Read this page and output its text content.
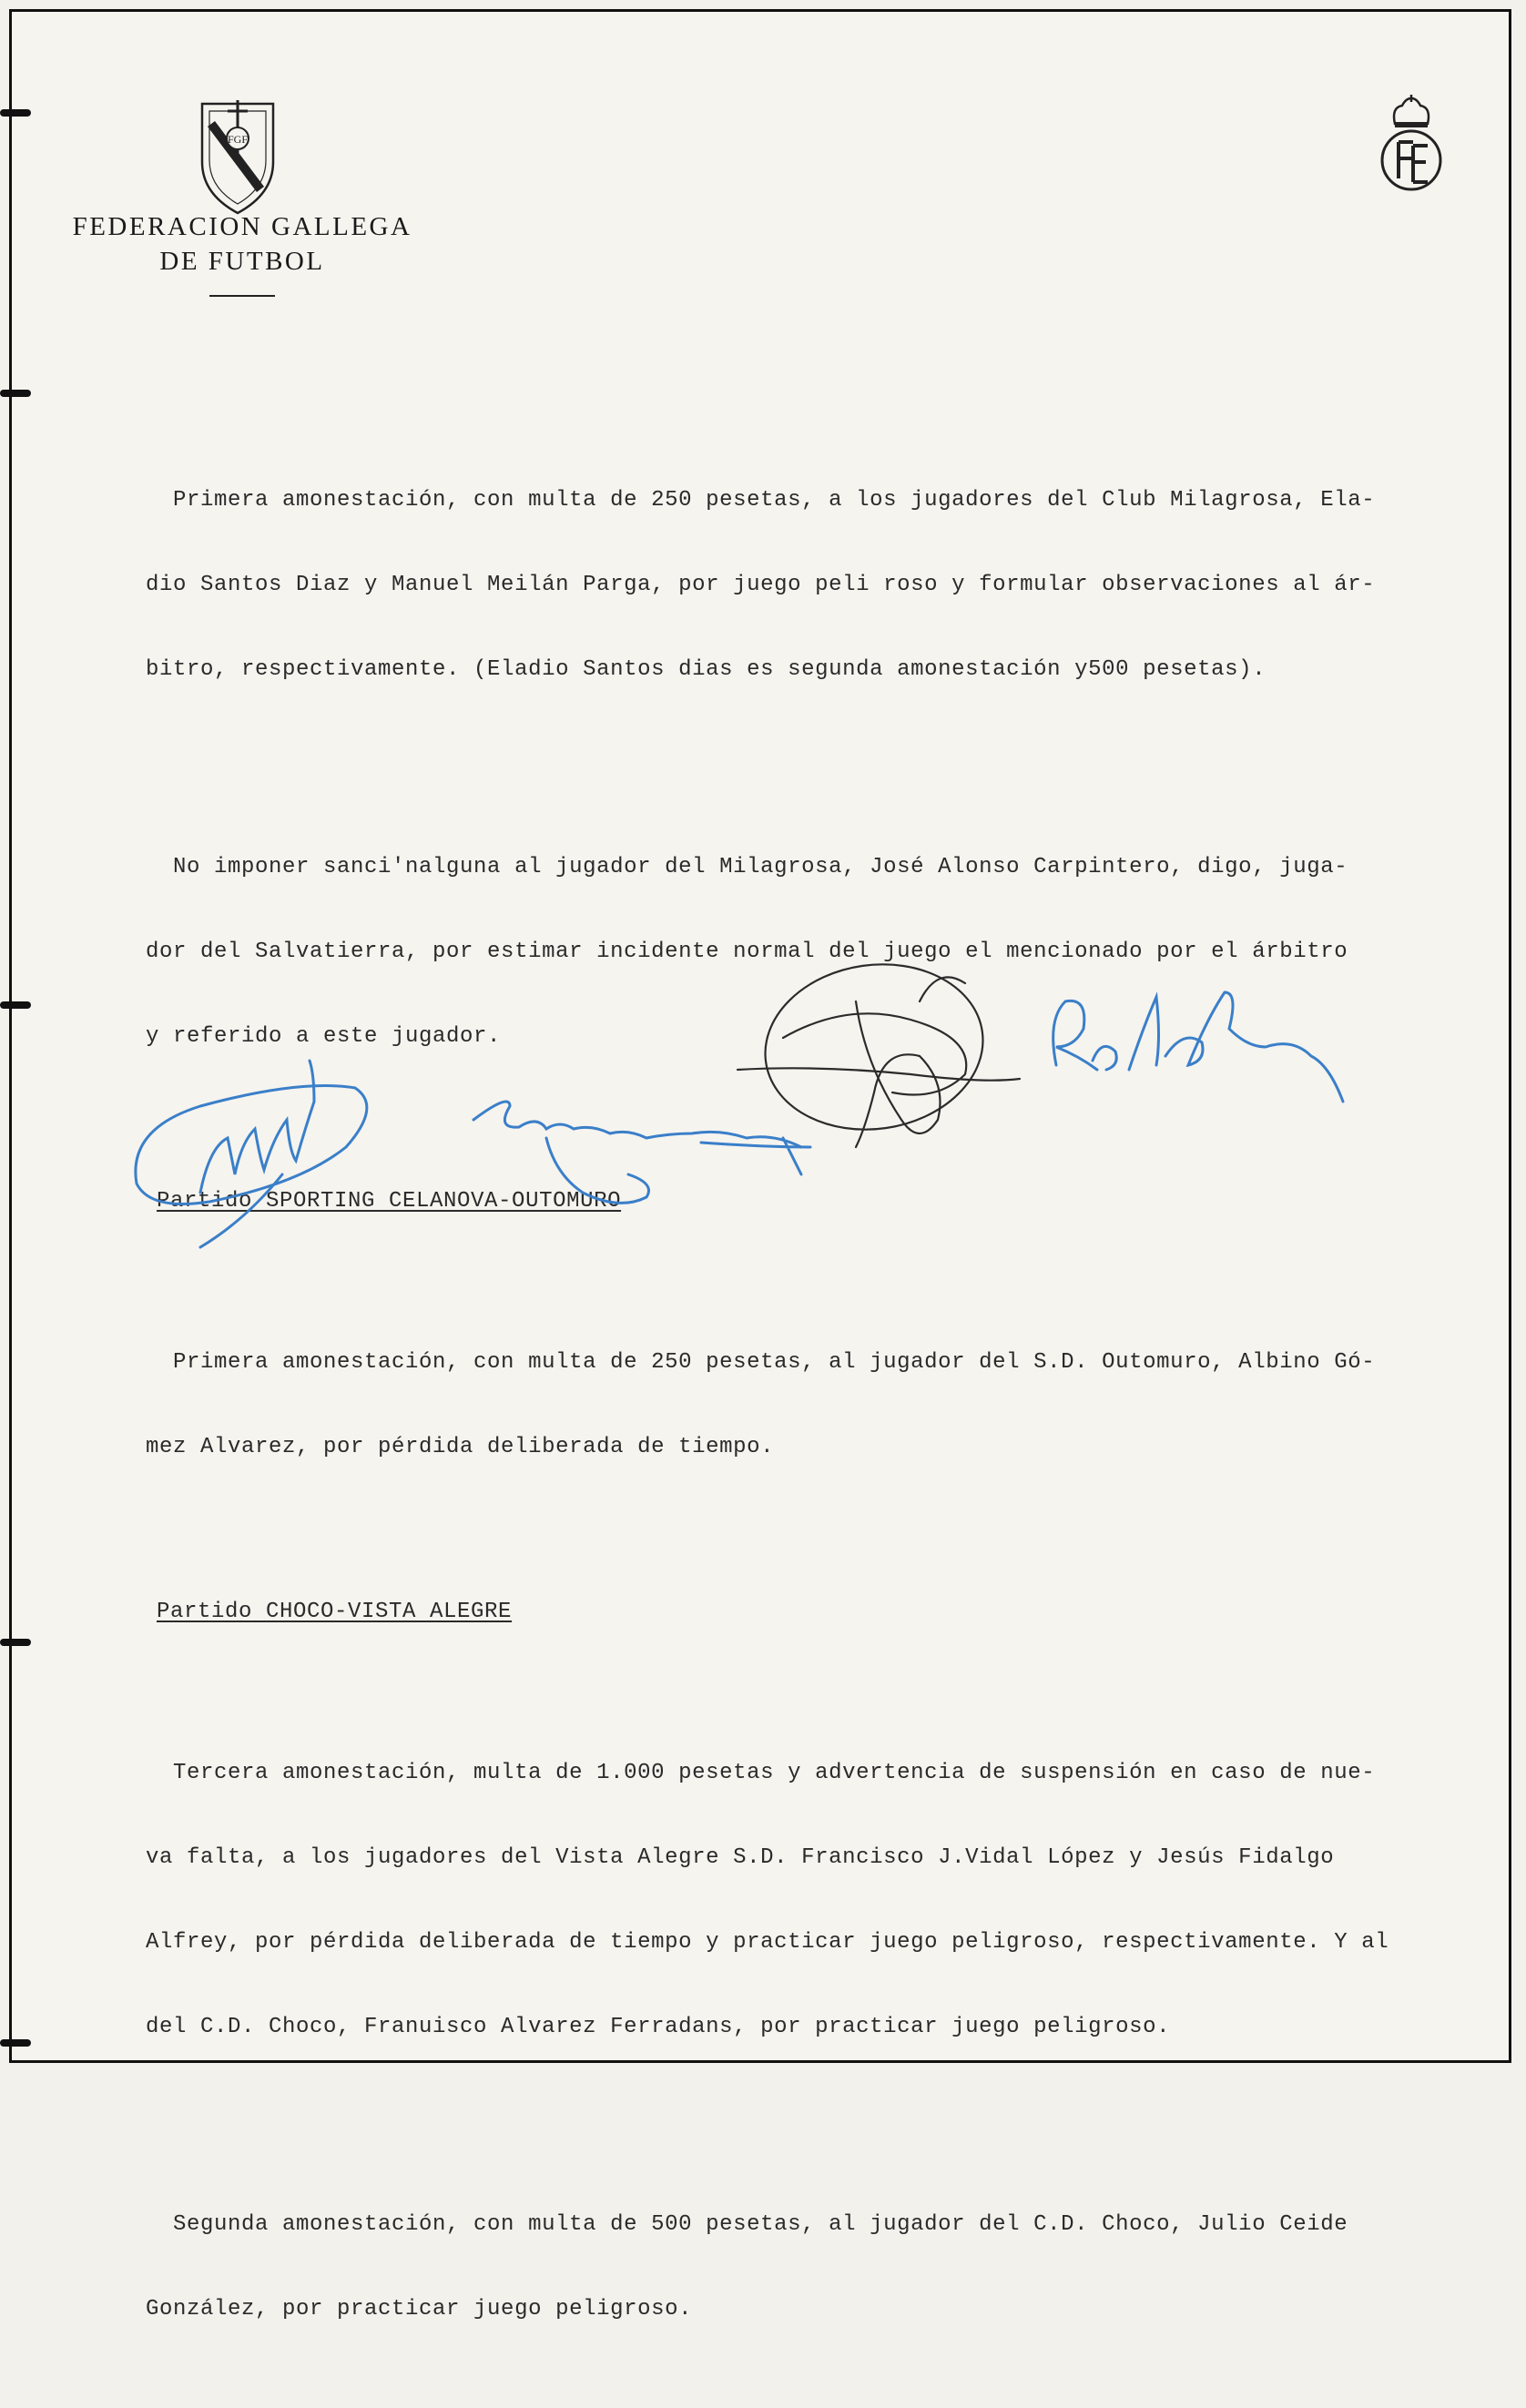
FGF
FEDERACION GALLEGA
DE FUTBOL

Primera amonestación, con multa de 250 pesetas, a los jugadores del Club Milagrosa, Ela-

dio Santos Diaz y Manuel Meilán Parga, por juego peli roso y formular observaciones al ár-

bitro, respectivamente. (Eladio Santos dias es segunda amonestación y500 pesetas).

No imponer sanci'nalguna al jugador del Milagrosa, José Alonso Carpintero, digo, juga-

dor del Salvatierra, por estimar incidente normal del juego el mencionado por el árbitro

y referido a este jugador.

Partido SPORTING CELANOVA-OUTOMURO

Primera amonestación, con multa de 250 pesetas, al jugador del S.D. Outomuro, Albino Gó-

mez Alvarez, por pérdida deliberada de tiempo.

Partido CHOCO-VISTA ALEGRE

Tercera amonestación, multa de 1.000 pesetas y advertencia de suspensión en caso de nue-

va falta, a los jugadores del Vista Alegre S.D. Francisco J.Vidal López y Jesús Fidalgo

Alfrey, por pérdida deliberada de tiempo y practicar juego peligroso, respectivamente. Y al

del C.D. Choco, Franuisco Alvarez Ferradans, por practicar juego peligroso.

Segunda amonestación, con multa de 500 pesetas, al jugador del C.D. Choco, Julio Ceide

González, por practicar juego peligroso.
